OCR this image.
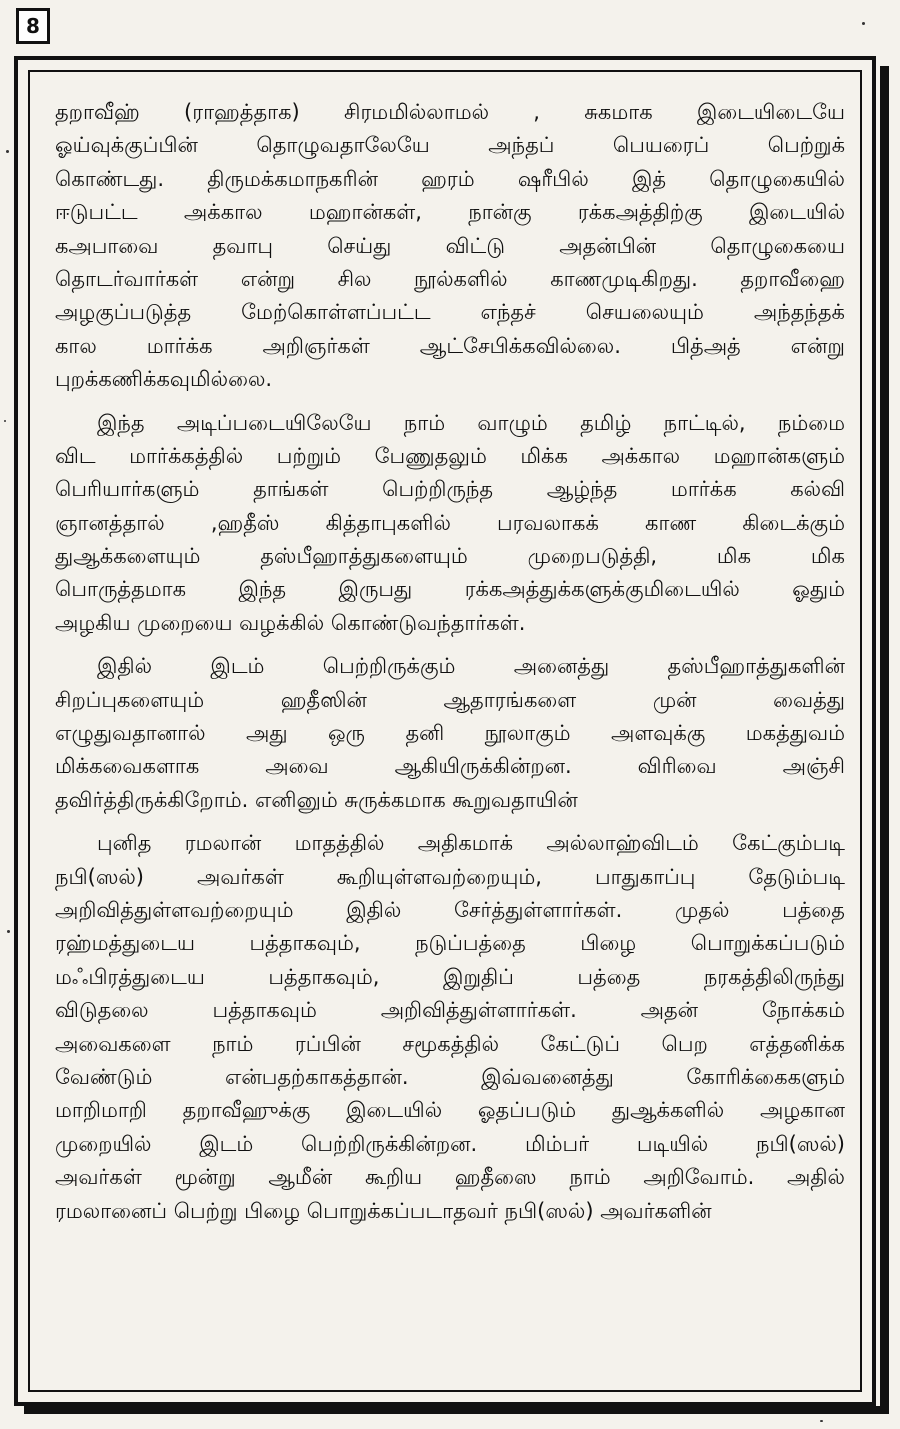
8
தறாவீஹ் (ராஹத்தாக) சிரமமில்லாமல் , சுகமாக இடையிடையே
ஓய்வுக்குப்பின் தொழுவதாலேயே அந்தப் பெயரைப் பெற்றுக்
கொண்டது. திருமக்கமாநகரின் ஹரம் ஷரீபில் இத் தொழுகையில்
ஈடுபட்ட அக்கால மஹான்கள், நான்கு ரக்கஅத்திற்கு இடையில்
கஅபாவை தவாபு செய்து விட்டு அதன்பின் தொழுகையை
தொடர்வார்கள் என்று சில நூல்களில் காணமுடிகிறது. தறாவீஹை
அழகுப்படுத்த மேற்கொள்ளப்பட்ட எந்தச் செயலையும் அந்தந்தக்
கால மார்க்க அறிஞர்கள் ஆட்சேபிக்கவில்லை. பித்அத் என்று
புறக்கணிக்கவுமில்லை.
இந்த அடிப்படையிலேயே நாம் வாழும் தமிழ் நாட்டில், நம்மை
விட மார்க்கத்தில் பற்றும் பேணுதலும் மிக்க அக்கால மஹான்களும்
பெரியார்களும் தாங்கள் பெற்றிருந்த ஆழ்ந்த மார்க்க கல்வி
ஞானத்தால் ,ஹதீஸ் கித்தாபுகளில் பரவலாகக் காண கிடைக்கும்
துஆக்களையும் தஸ்பீஹாத்துகளையும் முறைபடுத்தி, மிக மிக
பொருத்தமாக இந்த இருபது ரக்கஅத்துக்களுக்குமிடையில் ஓதும்
அழகிய முறையை வழக்கில் கொண்டுவந்தார்கள்.
இதில் இடம் பெற்றிருக்கும் அனைத்து தஸ்பீஹாத்துகளின்
சிறப்புகளையும் ஹதீஸின் ஆதாரங்களை முன் வைத்து
எழுதுவதானால் அது ஒரு தனி நூலாகும் அளவுக்கு மகத்துவம்
மிக்கவைகளாக அவை ஆகியிருக்கின்றன. விரிவை அஞ்சி
தவிர்த்திருக்கிறோம். எனினும் சுருக்கமாக கூறுவதாயின்
புனித ரமலான் மாதத்தில் அதிகமாக் அல்லாஹ்விடம் கேட்கும்படி
நபி(ஸல்) அவர்கள் கூறியுள்ளவற்றையும், பாதுகாப்பு தேடும்படி
அறிவித்துள்ளவற்றையும் இதில் சேர்த்துள்ளார்கள். முதல் பத்தை
ரஹ்மத்துடைய பத்தாகவும், நடுப்பத்தை பிழை பொறுக்கப்படும்
மஃபிரத்துடைய பத்தாகவும், இறுதிப் பத்தை நரகத்திலிருந்து
விடுதலை பத்தாகவும் அறிவித்துள்ளார்கள். அதன் நோக்கம்
அவைகளை நாம் ரப்பின் சமூகத்தில் கேட்டுப் பெற எத்தனிக்க
வேண்டும் என்பதற்காகத்தான். இவ்வனைத்து கோரிக்கைகளும்
மாறிமாறி தறாவீஹுக்கு இடையில் ஓதப்படும் துஆக்களில் அழகான
முறையில் இடம் பெற்றிருக்கின்றன. மிம்பர் படியில் நபி(ஸல்)
அவர்கள் மூன்று ஆமீன் கூறிய ஹதீஸை நாம் அறிவோம். அதில்
ரமலானைப் பெற்று பிழை பொறுக்கப்படாதவர் நபி(ஸல்) அவர்களின்
